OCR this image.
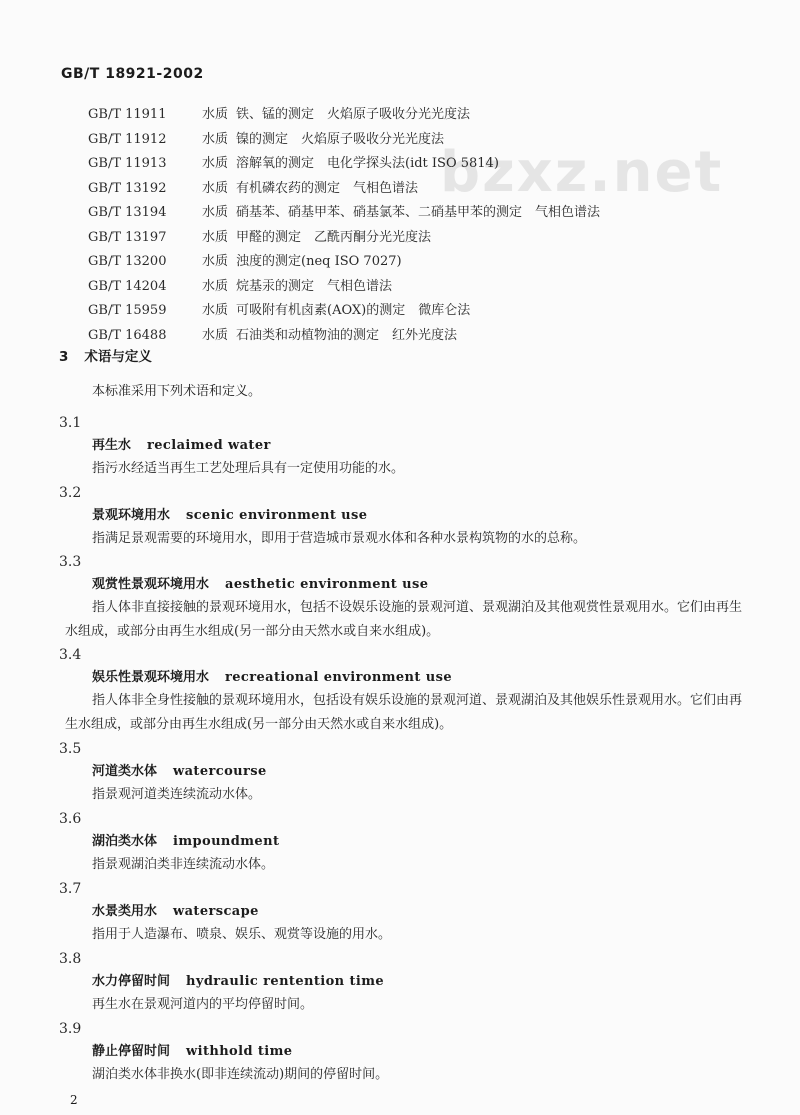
bzxz.net
GB/T 18921-2002
GB/T 11911	水质 铁、锰的测定　火焰原子吸收分光光度法
GB/T 11912	水质 镍的测定　火焰原子吸收分光光度法
GB/T 11913	水质 溶解氧的测定　电化学探头法(idt ISO 5814)
GB/T 13192	水质 有机磷农药的测定　气相色谱法
GB/T 13194	水质 硝基苯、硝基甲苯、硝基氯苯、二硝基甲苯的测定　气相色谱法
GB/T 13197	水质 甲醛的测定　乙酰丙酮分光光度法
GB/T 13200	水质 浊度的测定(neq ISO 7027)
GB/T 14204	水质 烷基汞的测定　气相色谱法
GB/T 15959	水质 可吸附有机卤素(AOX)的测定　微库仑法
GB/T 16488	水质 石油类和动植物油的测定　红外光度法
3 术语与定义
本标准采用下列术语和定义。
3.1
再生水 reclaimed water
指污水经适当再生工艺处理后具有一定使用功能的水。
3.2
景观环境用水 scenic environment use
指满足景观需要的环境用水，即用于营造城市景观水体和各种水景构筑物的水的总称。
3.3
观赏性景观环境用水 aesthetic environment use
指人体非直接接触的景观环境用水，包括不设娱乐设施的景观河道、景观湖泊及其他观赏性景观用水。它们由再生水组成，或部分由再生水组成(另一部分由天然水或自来水组成)。
3.4
娱乐性景观环境用水 recreational environment use
指人体非全身性接触的景观环境用水，包括设有娱乐设施的景观河道、景观湖泊及其他娱乐性景观用水。它们由再生水组成，或部分由再生水组成(另一部分由天然水或自来水组成)。
3.5
河道类水体 watercourse
指景观河道类连续流动水体。
3.6
湖泊类水体 impoundment
指景观湖泊类非连续流动水体。
3.7
水景类用水 waterscape
指用于人造瀑布、喷泉、娱乐、观赏等设施的用水。
3.8
水力停留时间 hydraulic rentention time
再生水在景观河道内的平均停留时间。
3.9
静止停留时间 withhold time
湖泊类水体非换水(即非连续流动)期间的停留时间。
2
